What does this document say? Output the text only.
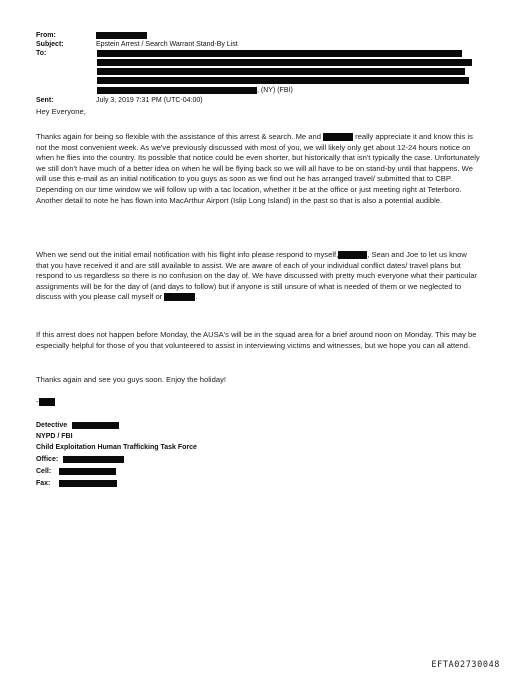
From:
Subject:	Epstein Arrest / Search Warrant Stand-By List
To:
Sent:	July 3, 2019 7:31 PM (UTC-04:00)
, (NY) (FBI)
Hey Everyone,

Thanks again for being so flexible with the assistance of this arrest & search. Me and	really appreciate it and know this is not the most convenient week. As we've previously discussed with most of you, we will likely only get about 12-24 hours notice on when he flies into the country. Its possible that notice could be even shorter, but historically that isn't typically the case. Unfortunately we still don't have much of a better idea on when he will be flying back so we will all have to be on stand-by until that happens. We will use this e-mail as an initial notification to you guys as soon as we find out he has arranged travel/ submitted that to CBP. Depending on our time window we will follow up with a tac location, whether it be at the office or just meeting right at Teterboro. Another detail to note he has flown into MacArthur Airport (Islip Long Island) in the past so that is also a potential audible.

When we send out the initial email notification with his flight info please respond to myself,	, Sean and Joe to let us know that you have received it and are still available to assist. We are aware of each of your individual conflict dates/ travel plans but respond to us regardless so there is no confusion on the day of. We have discussed with pretty much everyone what their particular assignments will be for the day of (and days to follow) but if anyone is still unsure of what is needed of them or we neglected to discuss with you please call myself or	.

If this arrest does not happen before Monday, the AUSA's will be in the squad area for a brief around noon on Monday. This may be especially helpful for those of you that volunteered to assist in interviewing victims and witnesses, but we hope you can all attend.
Thanks again and see you guys soon. Enjoy the holiday!
-
Detective
NYPD / FBI
Child Exploitation Human Trafficking Task Force
Office:
Cell:
Fax:
EFTA02730048
